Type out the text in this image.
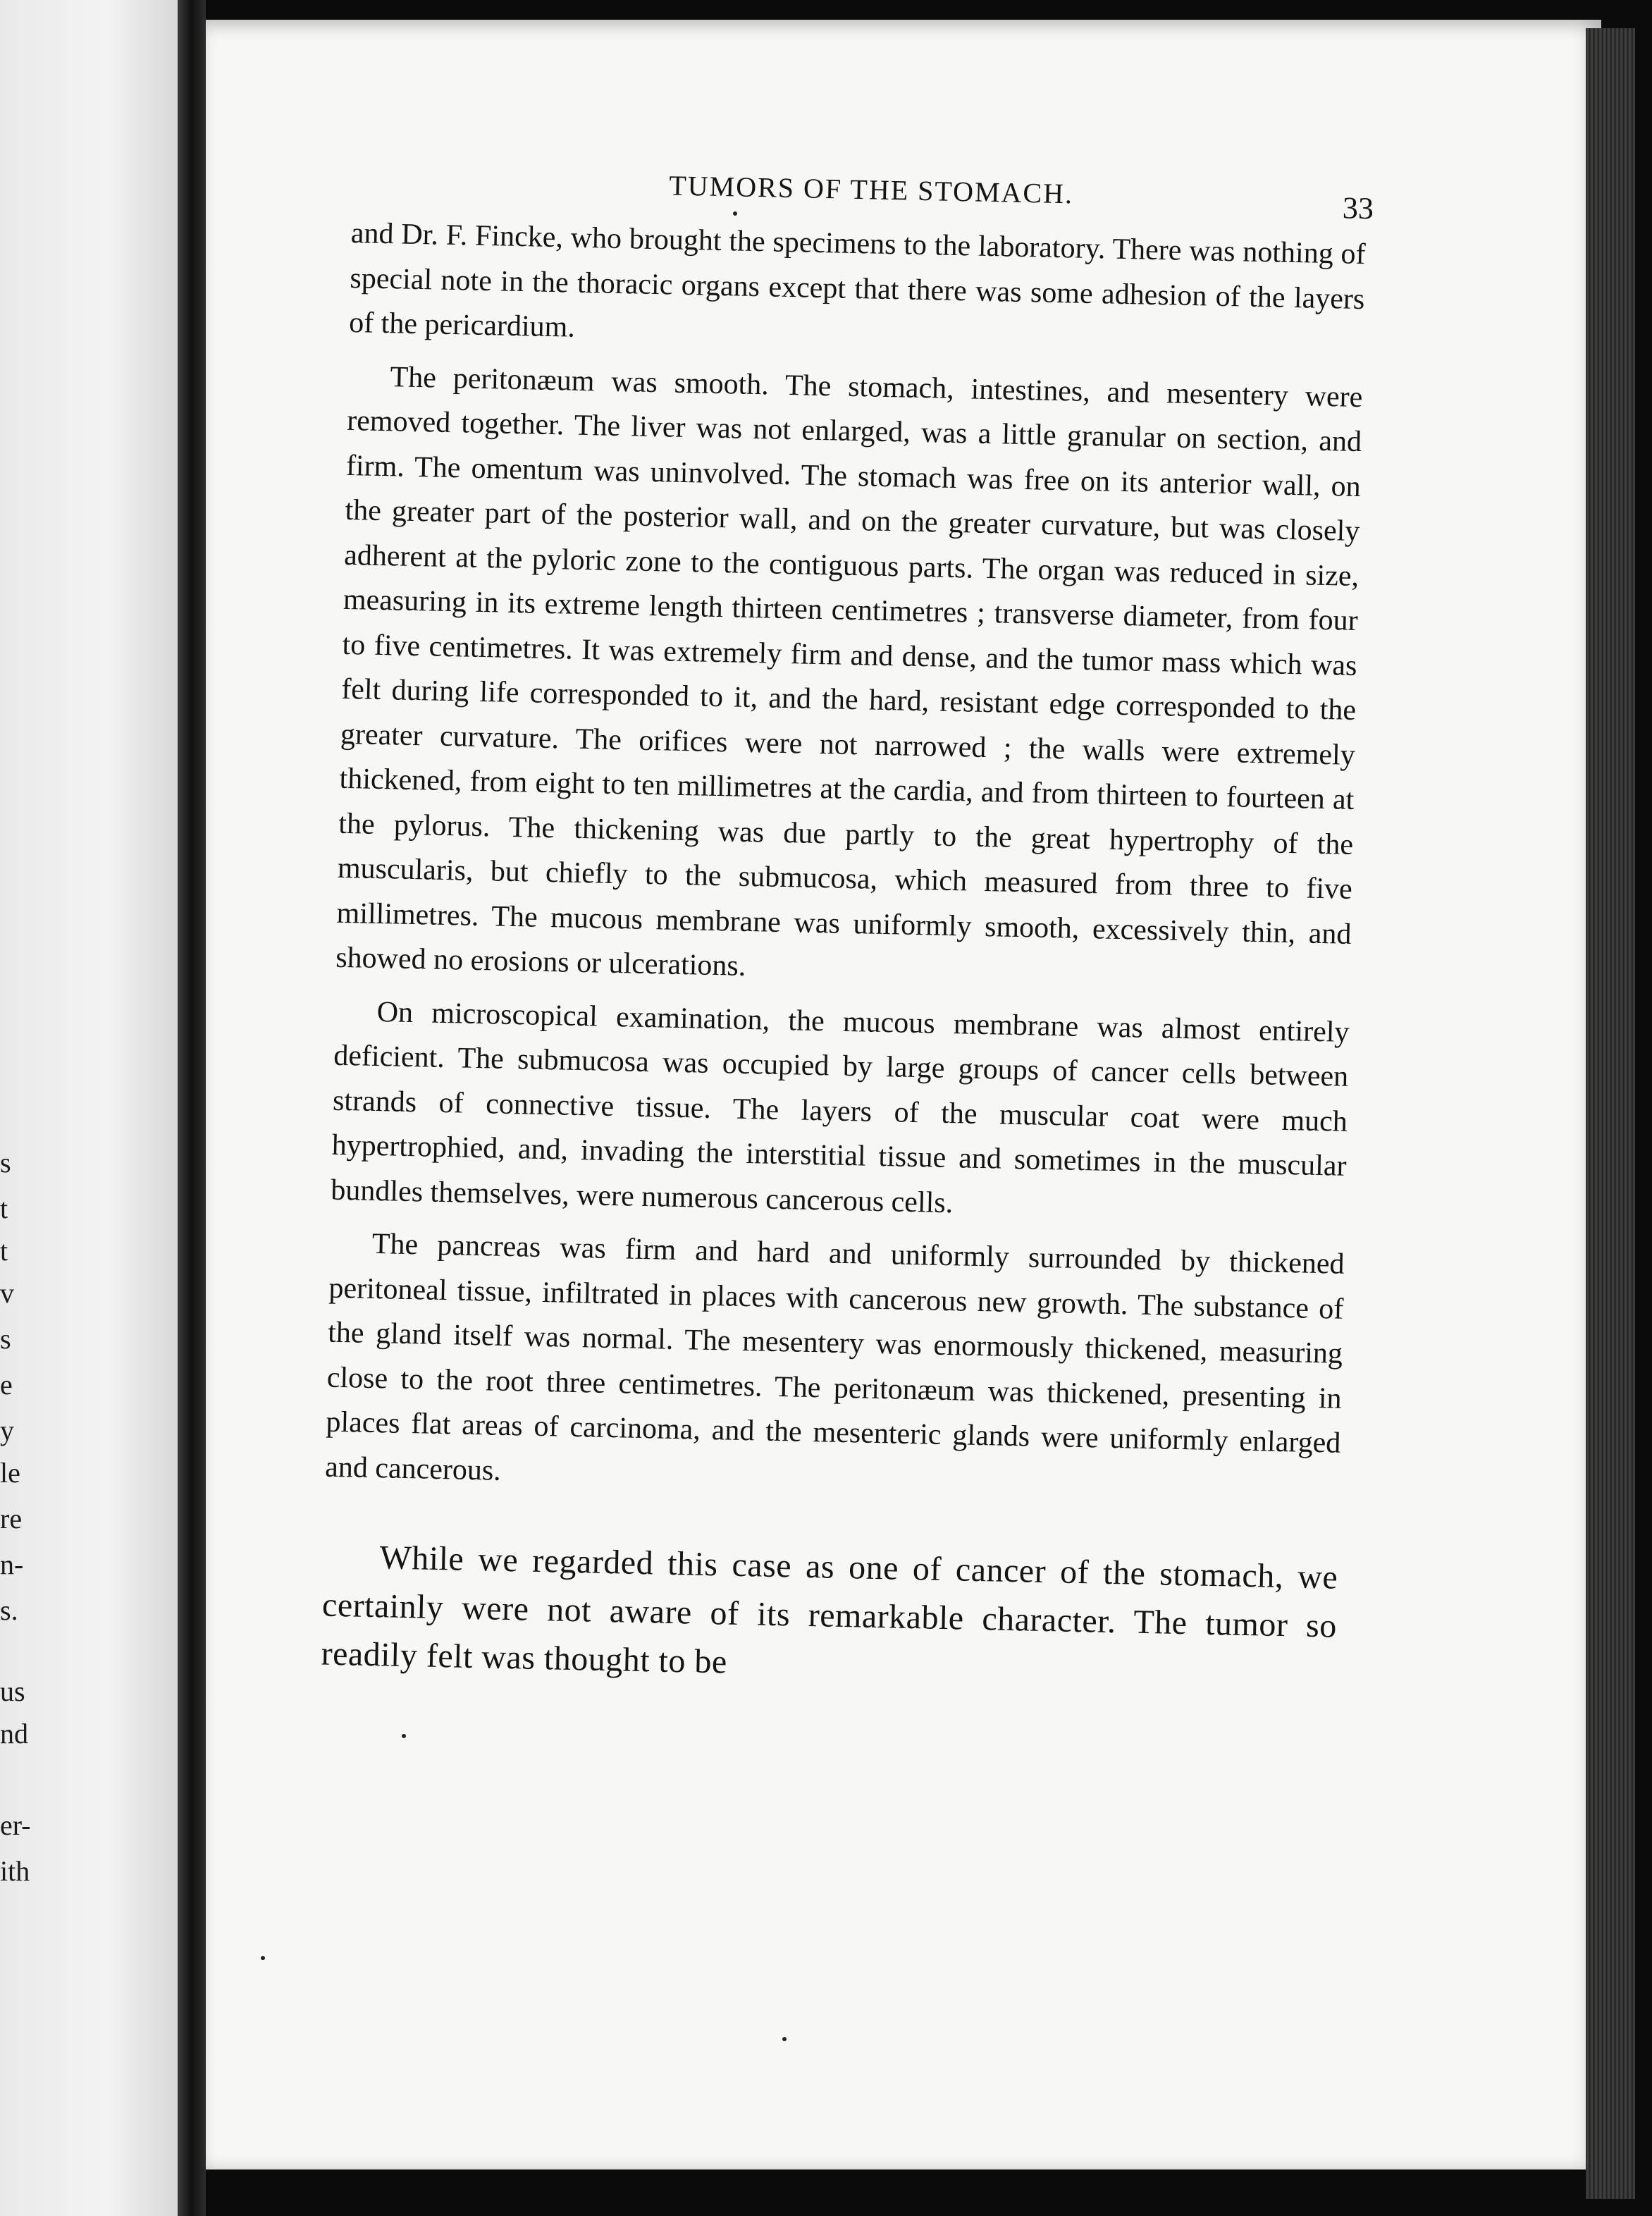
s
t
t
v
s
e
y
le
re
n-
s.
us
nd
er-
ith
TUMORS OF THE STOMACH.	33

and Dr. F. Fincke, who brought the specimens to the laboratory. There was nothing of special note in the thoracic organs except that there was some adhesion of the layers of the pericardium.

The peritonæum was smooth. The stomach, intestines, and mesentery were removed together. The liver was not enlarged, was a little granular on section, and firm. The omentum was uninvolved. The stomach was free on its anterior wall, on the greater part of the posterior wall, and on the greater curvature, but was closely adherent at the pyloric zone to the contiguous parts. The organ was reduced in size, measuring in its extreme length thirteen centimetres ; transverse diameter, from four to five centimetres. It was extremely firm and dense, and the tumor mass which was felt during life corresponded to it, and the hard, resistant edge corresponded to the greater curvature. The orifices were not narrowed ; the walls were extremely thickened, from eight to ten millimetres at the cardia, and from thirteen to fourteen at the pylorus. The thickening was due partly to the great hypertrophy of the muscularis, but chiefly to the submucosa, which measured from three to five millimetres. The mucous membrane was uniformly smooth, excessively thin, and showed no erosions or ulcerations.

On microscopical examination, the mucous membrane was almost entirely deficient. The submucosa was occupied by large groups of cancer cells between strands of connective tissue. The layers of the muscular coat were much hypertrophied, and, invading the interstitial tissue and sometimes in the muscular bundles themselves, were numerous cancerous cells.

The pancreas was firm and hard and uniformly surrounded by thickened peritoneal tissue, infiltrated in places with cancerous new growth. The substance of the gland itself was normal. The mesentery was enormously thickened, measuring close to the root three centimetres. The peritonæum was thickened, presenting in places flat areas of carcinoma, and the mesenteric glands were uniformly enlarged and cancerous.

While we regarded this case as one of cancer of the stomach, we certainly were not aware of its remarkable character. The tumor so readily felt was thought to be
